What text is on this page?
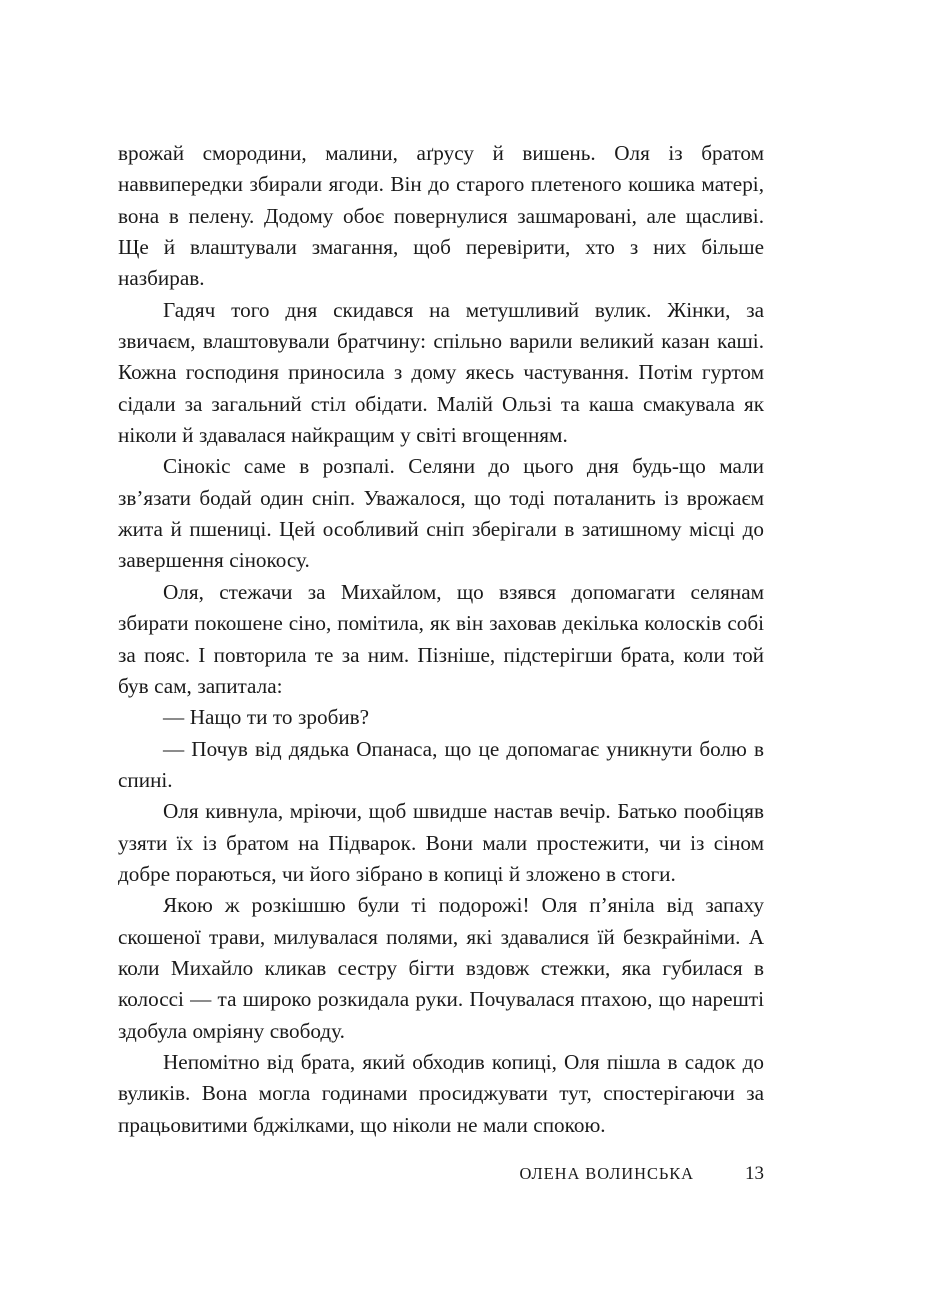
врожай смородини, малини, аґрусу й вишень. Оля із братом наввипередки збирали ягоди. Він до старого плетеного кошика матері, вона в пелену. Додому обоє повернулися зашмаровані, але щасливі. Ще й влаштували змагання, щоб перевірити, хто з них більше назбирав.

Гадяч того дня скидався на метушливий вулик. Жінки, за звичаєм, влаштовували братчину: спільно варили великий казан каші. Кожна господиня приносила з дому якесь частування. Потім гуртом сідали за загальний стіл обідати. Малій Ользі та каша смакувала як ніколи й здавалася найкращим у світі вгощенням.

Сінокіс саме в розпалі. Селяни до цього дня будь-що мали зв’язати бодай один сніп. Уважалося, що тоді поталанить із врожаєм жита й пшениці. Цей особливий сніп зберігали в затишному місці до завершення сінокосу.

Оля, стежачи за Михайлом, що взявся допомагати селянам збирати покошене сіно, помітила, як він заховав декілька колосків собі за пояс. І повторила те за ним. Пізніше, підстерігши брата, коли той був сам, запитала:

— Нащо ти то зробив?

— Почув від дядька Опанаса, що це допомагає уникнути болю в спині.

Оля кивнула, мріючи, щоб швидше настав вечір. Батько пообіцяв узяти їх із братом на Підварок. Вони мали простежити, чи із сіном добре пораються, чи його зібрано в копиці й зложено в стоги.

Якою ж розкішшю були ті подорожі! Оля п’яніла від запаху скошеної трави, милувалася полями, які здавалися їй безкрайніми. А коли Михайло кликав сестру бігти вздовж стежки, яка губилася в колоссі — та широко розкидала руки. Почувалася птахою, що нарешті здобула омріяну свободу.

Непомітно від брата, який обходив копиці, Оля пішла в садок до вуликів. Вона могла годинами просиджувати тут, спостерігаючи за працьовитими бджілками, що ніколи не мали спокою.

ОЛЕНА ВОЛИНСЬКА	13
